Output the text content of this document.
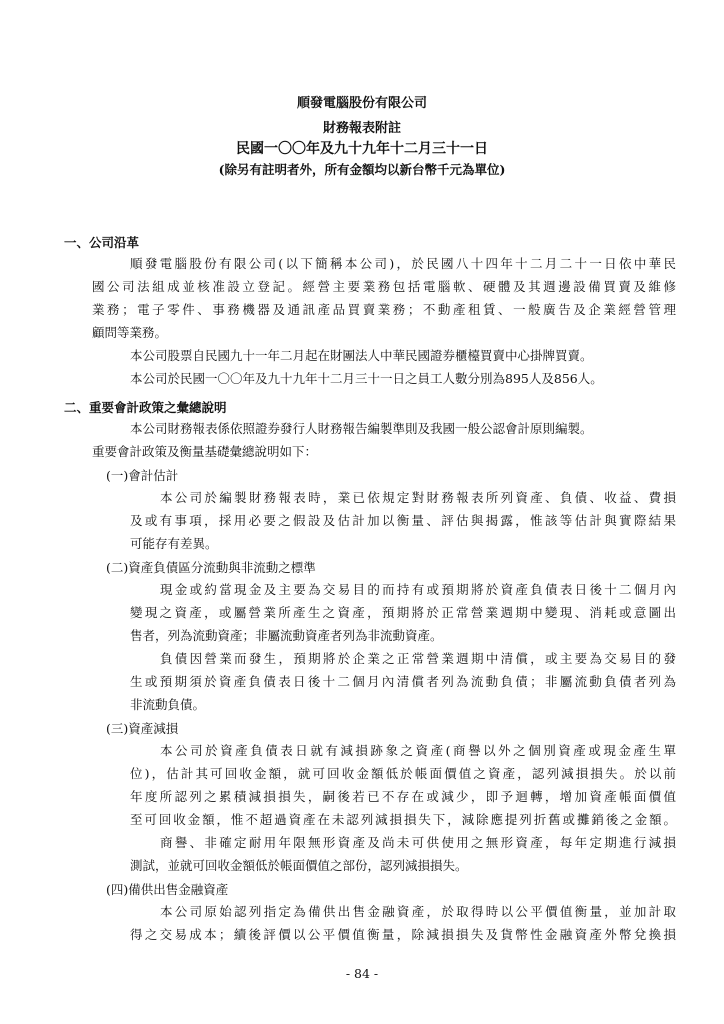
順發電腦股份有限公司
財務報表附註
民國一〇〇年及九十九年十二月三十一日
(除另有註明者外，所有金額均以新台幣千元為單位)
一、公司沿革
順發電腦股份有限公司(以下簡稱本公司)，於民國八十四年十二月二十一日依中華民
國公司法組成並核准設立登記。經營主要業務包括電腦軟、硬體及其週邊設備買賣及維修
業務；電子零件、事務機器及通訊產品買賣業務；不動產租賃、一般廣告及企業經營管理
顧問等業務。
本公司股票自民國九十一年二月起在財團法人中華民國證券櫃檯買賣中心掛牌買賣。
本公司於民國一〇〇年及九十九年十二月三十一日之員工人數分別為895人及856人。
二、重要會計政策之彙總說明
本公司財務報表係依照證券發行人財務報告編製準則及我國一般公認會計原則編製。
重要會計政策及衡量基礎彙總說明如下：
(一)會計估計
本公司於編製財務報表時，業已依規定對財務報表所列資產、負債、收益、費損
及或有事項，採用必要之假設及估計加以衡量、評估與揭露，惟該等估計與實際結果
可能存有差異。
(二)資產負債區分流動與非流動之標準
現金或約當現金及主要為交易目的而持有或預期將於資產負債表日後十二個月內
變現之資產，或屬營業所產生之資產，預期將於正常營業週期中變現、消耗或意圖出
售者，列為流動資產；非屬流動資產者列為非流動資產。
負債因營業而發生，預期將於企業之正常營業週期中清償，或主要為交易目的發
生或預期須於資產負債表日後十二個月內清償者列為流動負債；非屬流動負債者列為
非流動負債。
(三)資產減損
本公司於資產負債表日就有減損跡象之資產(商譽以外之個別資產或現金產生單
位)，估計其可回收金額，就可回收金額低於帳面價值之資產，認列減損損失。於以前
年度所認列之累積減損損失，嗣後若已不存在或減少，即予迴轉，增加資產帳面價值
至可回收金額，惟不超過資產在未認列減損損失下，減除應提列折舊或攤銷後之金額。
商譽、非確定耐用年限無形資產及尚未可供使用之無形資產，每年定期進行減損
測試，並就可回收金額低於帳面價值之部份，認列減損損失。
(四)備供出售金融資產
本公司原始認列指定為備供出售金融資產，於取得時以公平價值衡量，並加計取
得之交易成本；續後評價以公平價值衡量，除減損損失及貨幣性金融資產外幣兌換損
- 84 -
